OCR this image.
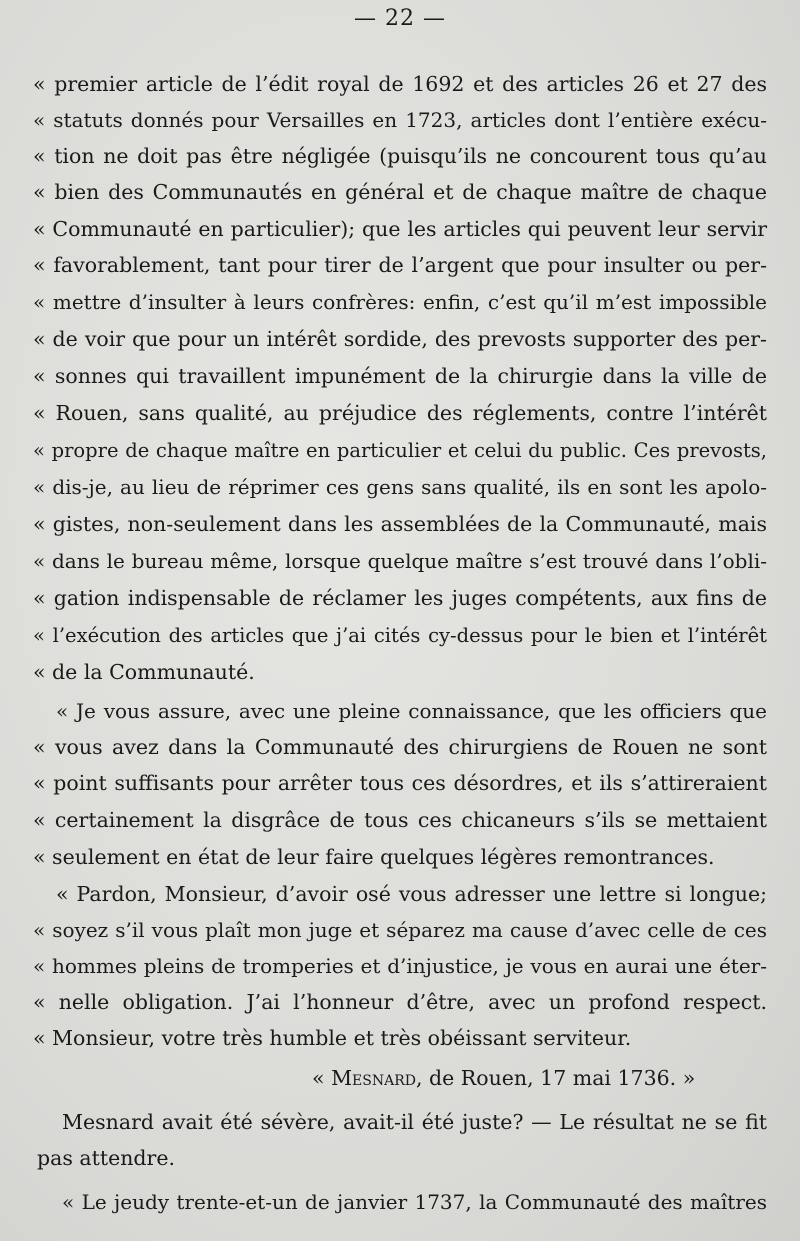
— 22 —
« premier article de l’édit royal de 1692 et des articles 26 et 27 des
« statuts donnés pour Versailles en 1723, articles dont l’entière exécu-
« tion ne doit pas être négligée (puisqu’ils ne concourent tous qu’au
« bien des Communautés en général et de chaque maître de chaque
« Communauté en particulier); que les articles qui peuvent leur servir
« favorablement, tant pour tirer de l’argent que pour insulter ou per-
« mettre d’insulter à leurs confrères: enfin, c’est qu’il m’est impossible
« de voir que pour un intérêt sordide, des prevosts supporter des per-
« sonnes qui travaillent impunément de la chirurgie dans la ville de
« Rouen, sans qualité, au préjudice des réglements, contre l’intérêt
« propre de chaque maître en particulier et celui du public. Ces prevosts,
« dis-je, au lieu de réprimer ces gens sans qualité, ils en sont les apolo-
« gistes, non-seulement dans les assemblées de la Communauté, mais
« dans le bureau même, lorsque quelque maître s’est trouvé dans l’obli-
« gation indispensable de réclamer les juges compétents, aux fins de
« l’exécution des articles que j’ai cités cy-dessus pour le bien et l’intérêt
« de la Communauté.
« Je vous assure, avec une pleine connaissance, que les officiers que
« vous avez dans la Communauté des chirurgiens de Rouen ne sont
« point suffisants pour arrêter tous ces désordres, et ils s’attireraient
« certainement la disgrâce de tous ces chicaneurs s’ils se mettaient
« seulement en état de leur faire quelques légères remontrances.
« Pardon, Monsieur, d’avoir osé vous adresser une lettre si longue;
« soyez s’il vous plaît mon juge et séparez ma cause d’avec celle de ces
« hommes pleins de tromperies et d’injustice, je vous en aurai une éter-
« nelle obligation. J’ai l’honneur d’être, avec un profond respect.
« Monsieur, votre très humble et très obéissant serviteur.
« Mesnard, de Rouen, 17 mai 1736. »
Mesnard avait été sévère, avait-il été juste? — Le résultat ne se fit
pas attendre.
« Le jeudy trente-et-un de janvier 1737, la Communauté des maîtres
